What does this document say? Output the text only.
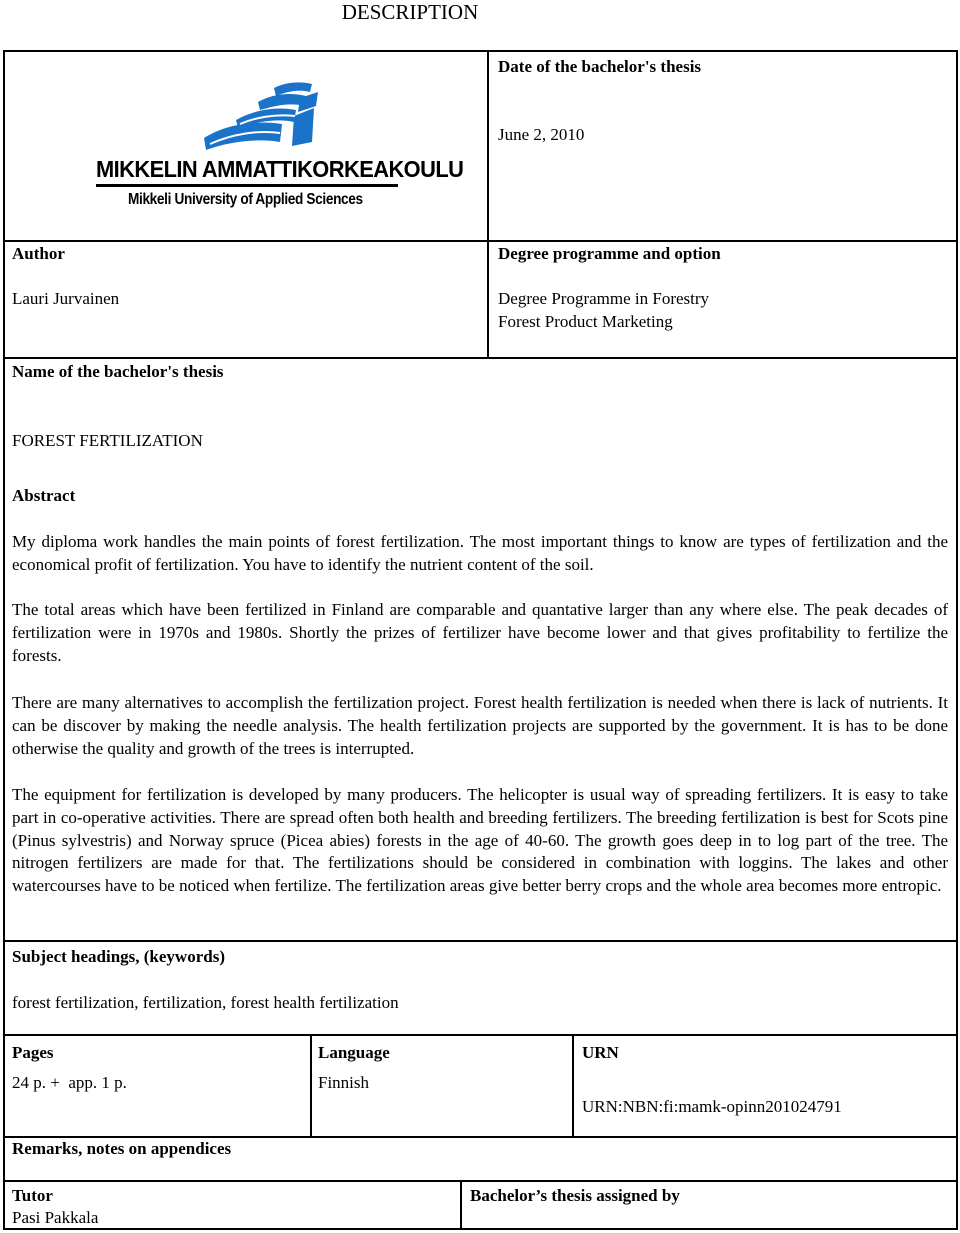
DESCRIPTION
MIKKELIN AMMATTIKORKEAKOULU
Mikkeli University of Applied Sciences
Date of the bachelor's thesis
June 2, 2010
Author
Lauri Jurvainen
Degree programme and option
Degree Programme in Forestry
Forest Product Marketing
Name of the bachelor's thesis
FOREST FERTILIZATION
Abstract

My diploma work handles the main points of forest fertilization. The most important things to know are types of fertilization and the economical profit of fertilization. You have to identify the nutrient content of the soil.

The total areas which have been fertilized in Finland are comparable and quantative larger than any where else. The peak decades of fertilization were in 1970s and 1980s. Shortly the prizes of fertilizer have become lower and that gives profitability to fertilize the forests.

There are many alternatives to accomplish the fertilization project. Forest health fertilization is needed when there is lack of nutrients. It can be discover by making the needle analysis. The health fertilization projects are supported by the government. It is has to be done otherwise the quality and growth of the trees is interrupted.

The equipment for fertilization is developed by many producers. The helicopter is usual way of spreading fertilizers. It is easy to take part in co-operative activities. There are spread often both health and breeding fertilizers. The breeding fertilization is best for Scots pine (Pinus sylvestris) and Norway spruce (Picea abies) forests in the age of 40-60. The growth goes deep in to log part of the tree. The nitrogen fertilizers are made for that. The fertilizations should be considered in combination with loggins. The lakes and other watercourses have to be noticed when fertilize. The fertilization areas give better berry crops and the whole area becomes more entropic.

Subject headings, (keywords)
forest fertilization, fertilization, forest health fertilization
Pages
24 p. +  app. 1 p.
Language
Finnish
URN
URN:NBN:fi:mamk-opinn201024791
Remarks, notes on appendices
Tutor
Pasi Pakkala
Bachelor’s thesis assigned by
